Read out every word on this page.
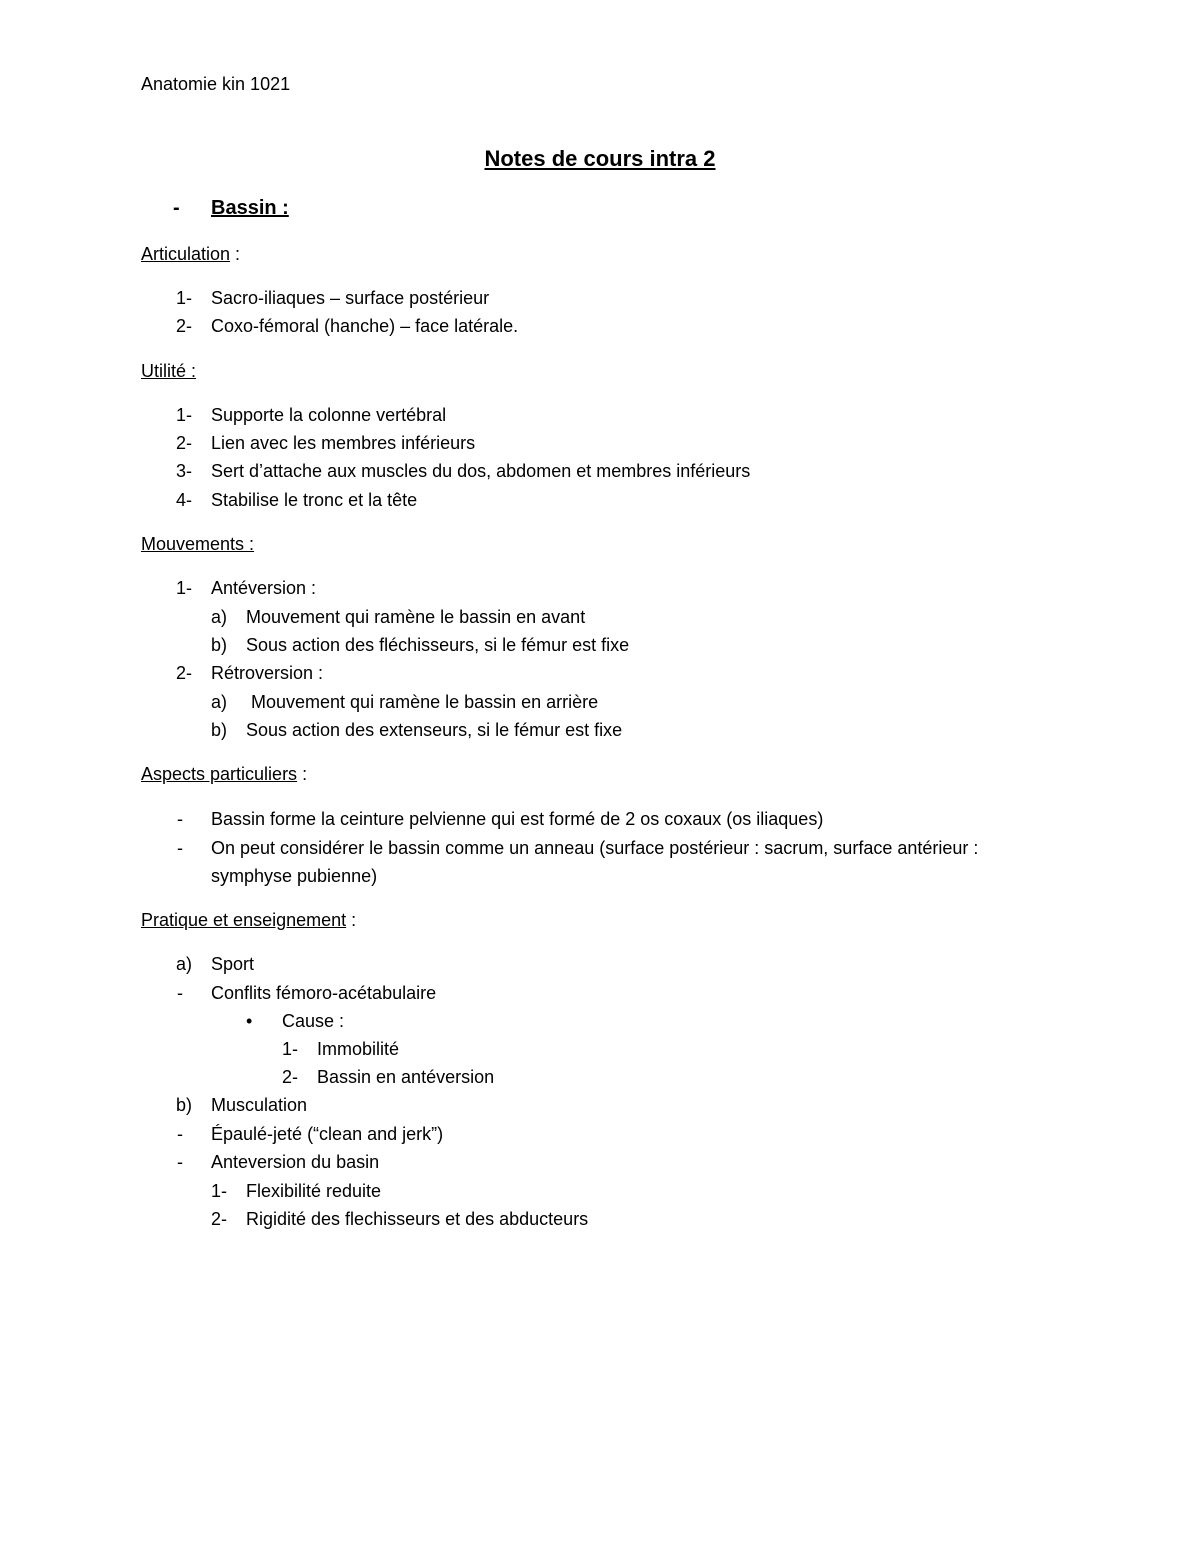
Anatomie kin 1021
Notes de cours intra 2
- Bassin :
Articulation :
1- Sacro-iliaques – surface postérieur
2- Coxo-fémoral (hanche) – face latérale.
Utilité :
1- Supporte la colonne vertébral
2- Lien avec les membres inférieurs
3- Sert d’attache aux muscles du dos, abdomen et membres inférieurs
4- Stabilise le tronc et la tête
Mouvements :
1- Antéversion :
a) Mouvement qui ramène le bassin en avant
b) Sous action des fléchisseurs, si le fémur est fixe
2- Rétroversion :
a) Mouvement qui ramène le bassin en arrière
b) Sous action des extenseurs, si le fémur est fixe
Aspects particuliers :
- Bassin forme la ceinture pelvienne qui est formé de 2 os coxaux (os iliaques)
- On peut considérer le bassin comme un anneau (surface postérieur : sacrum, surface antérieur :
symphyse pubienne)
Pratique et enseignement :
a) Sport
- Conflits fémoro-acétabulaire
• Cause :
1- Immobilité
2- Bassin en antéversion
b) Musculation
- Épaulé-jeté (“clean and jerk”)
- Anteversion du basin
1- Flexibilité reduite
2- Rigidité des flechisseurs et des abducteurs
